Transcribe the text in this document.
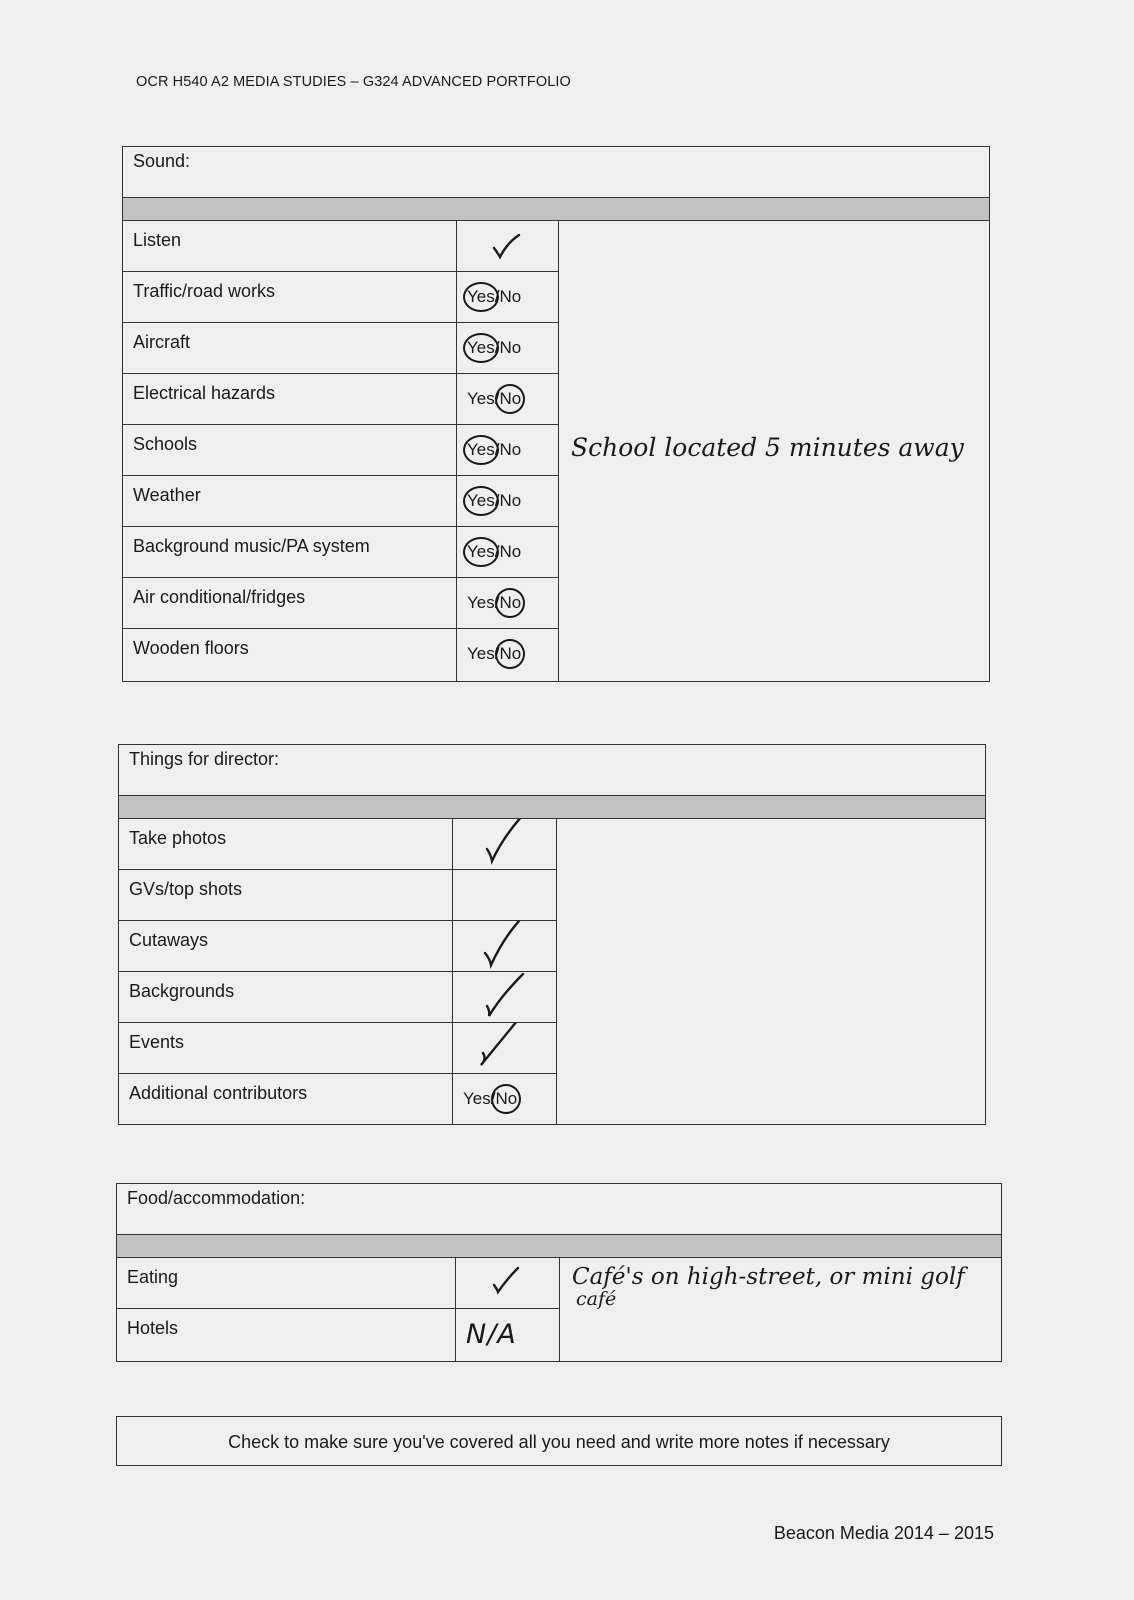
OCR H540 A2 MEDIA STUDIES – G324 ADVANCED PORTFOLIO
Sound:		

Listen		School located 5 minutes away

Traffic/road works	Yes/No	

Aircraft	Yes/No	

Electrical hazards	Yes/No	

Schools	Yes/No	

Weather	Yes/No	

Background music/PA system	Yes/No	

Air conditional/fridges	Yes/No	

Wooden floors	Yes/No	
Things for director:		

Take photos	

GVs/top shots		
Cutaways	

Backgrounds	

Events	

Additional contributors	Yes/No	
Food/accommodation:		

Eating		Café's on high-street, or mini golf
café

Hotels	N/A	
Check to make sure you've covered all you need and write more notes if necessary
Beacon Media 2014 – 2015
